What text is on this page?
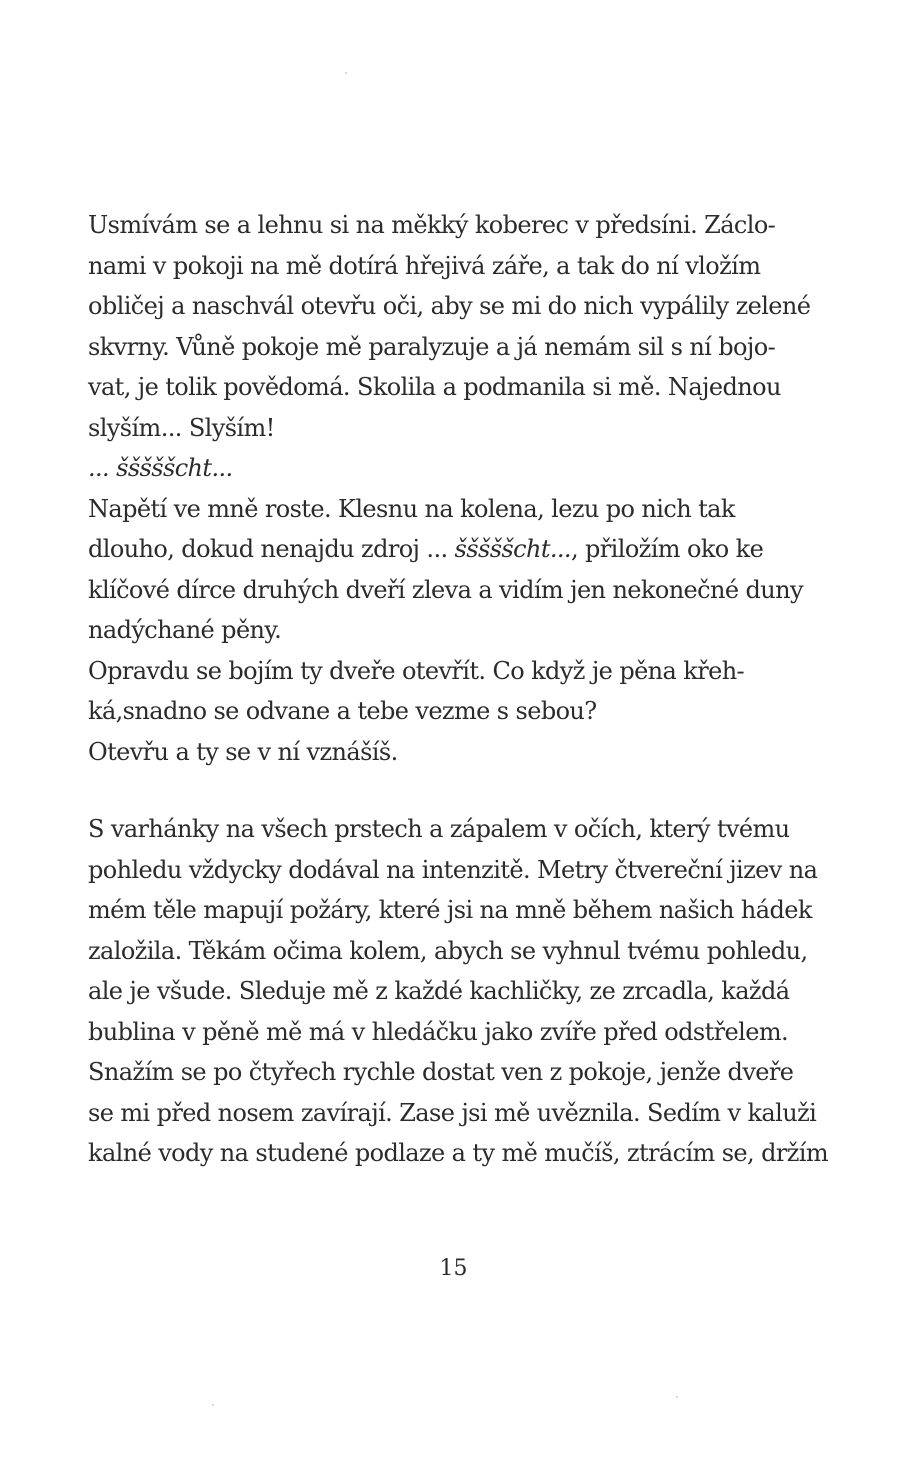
Usmívám se a lehnu si na měkký koberec v předsíni. Záclo-
nami v pokoji na mě dotírá hřejivá záře, a tak do ní vložím
obličej a naschvál otevřu oči, aby se mi do nich vypálily zelené
skvrny. Vůně pokoje mě paralyzuje a já nemám sil s ní bojo-
vat, je tolik povědomá. Skolila a podmanila si mě. Najednou
slyším... Slyším!

... šššššcht...

Napětí ve mně roste. Klesnu na kolena, lezu po nich tak
dlouho, dokud nenajdu zdroj ... šššššcht..., přiložím oko ke
klíčové dírce druhých dveří zleva a vidím jen nekonečné duny
nadýchané pěny.

Opravdu se bojím ty dveře otevřít. Co když je pěna křeh-
ká,snadno se odvane a tebe vezme s sebou?

Otevřu a ty se v ní vznášíš.

S varhánky na všech prstech a zápalem v očích, který tvému
pohledu vždycky dodával na intenzitě. Metry čtvereční jizev na
mém těle mapují požáry, které jsi na mně během našich hádek
založila. Těkám očima kolem, abych se vyhnul tvému pohledu,
ale je všude. Sleduje mě z každé kachličky, ze zrcadla, každá
bublina v pěně mě má v hledáčku jako zvíře před odstřelem.

Snažím se po čtyřech rychle dostat ven z pokoje, jenže dveře
se mi před nosem zavírají. Zase jsi mě uvěznila. Sedím v kaluži
kalné vody na studené podlaze a ty mě mučíš, ztrácím se, držím

15
